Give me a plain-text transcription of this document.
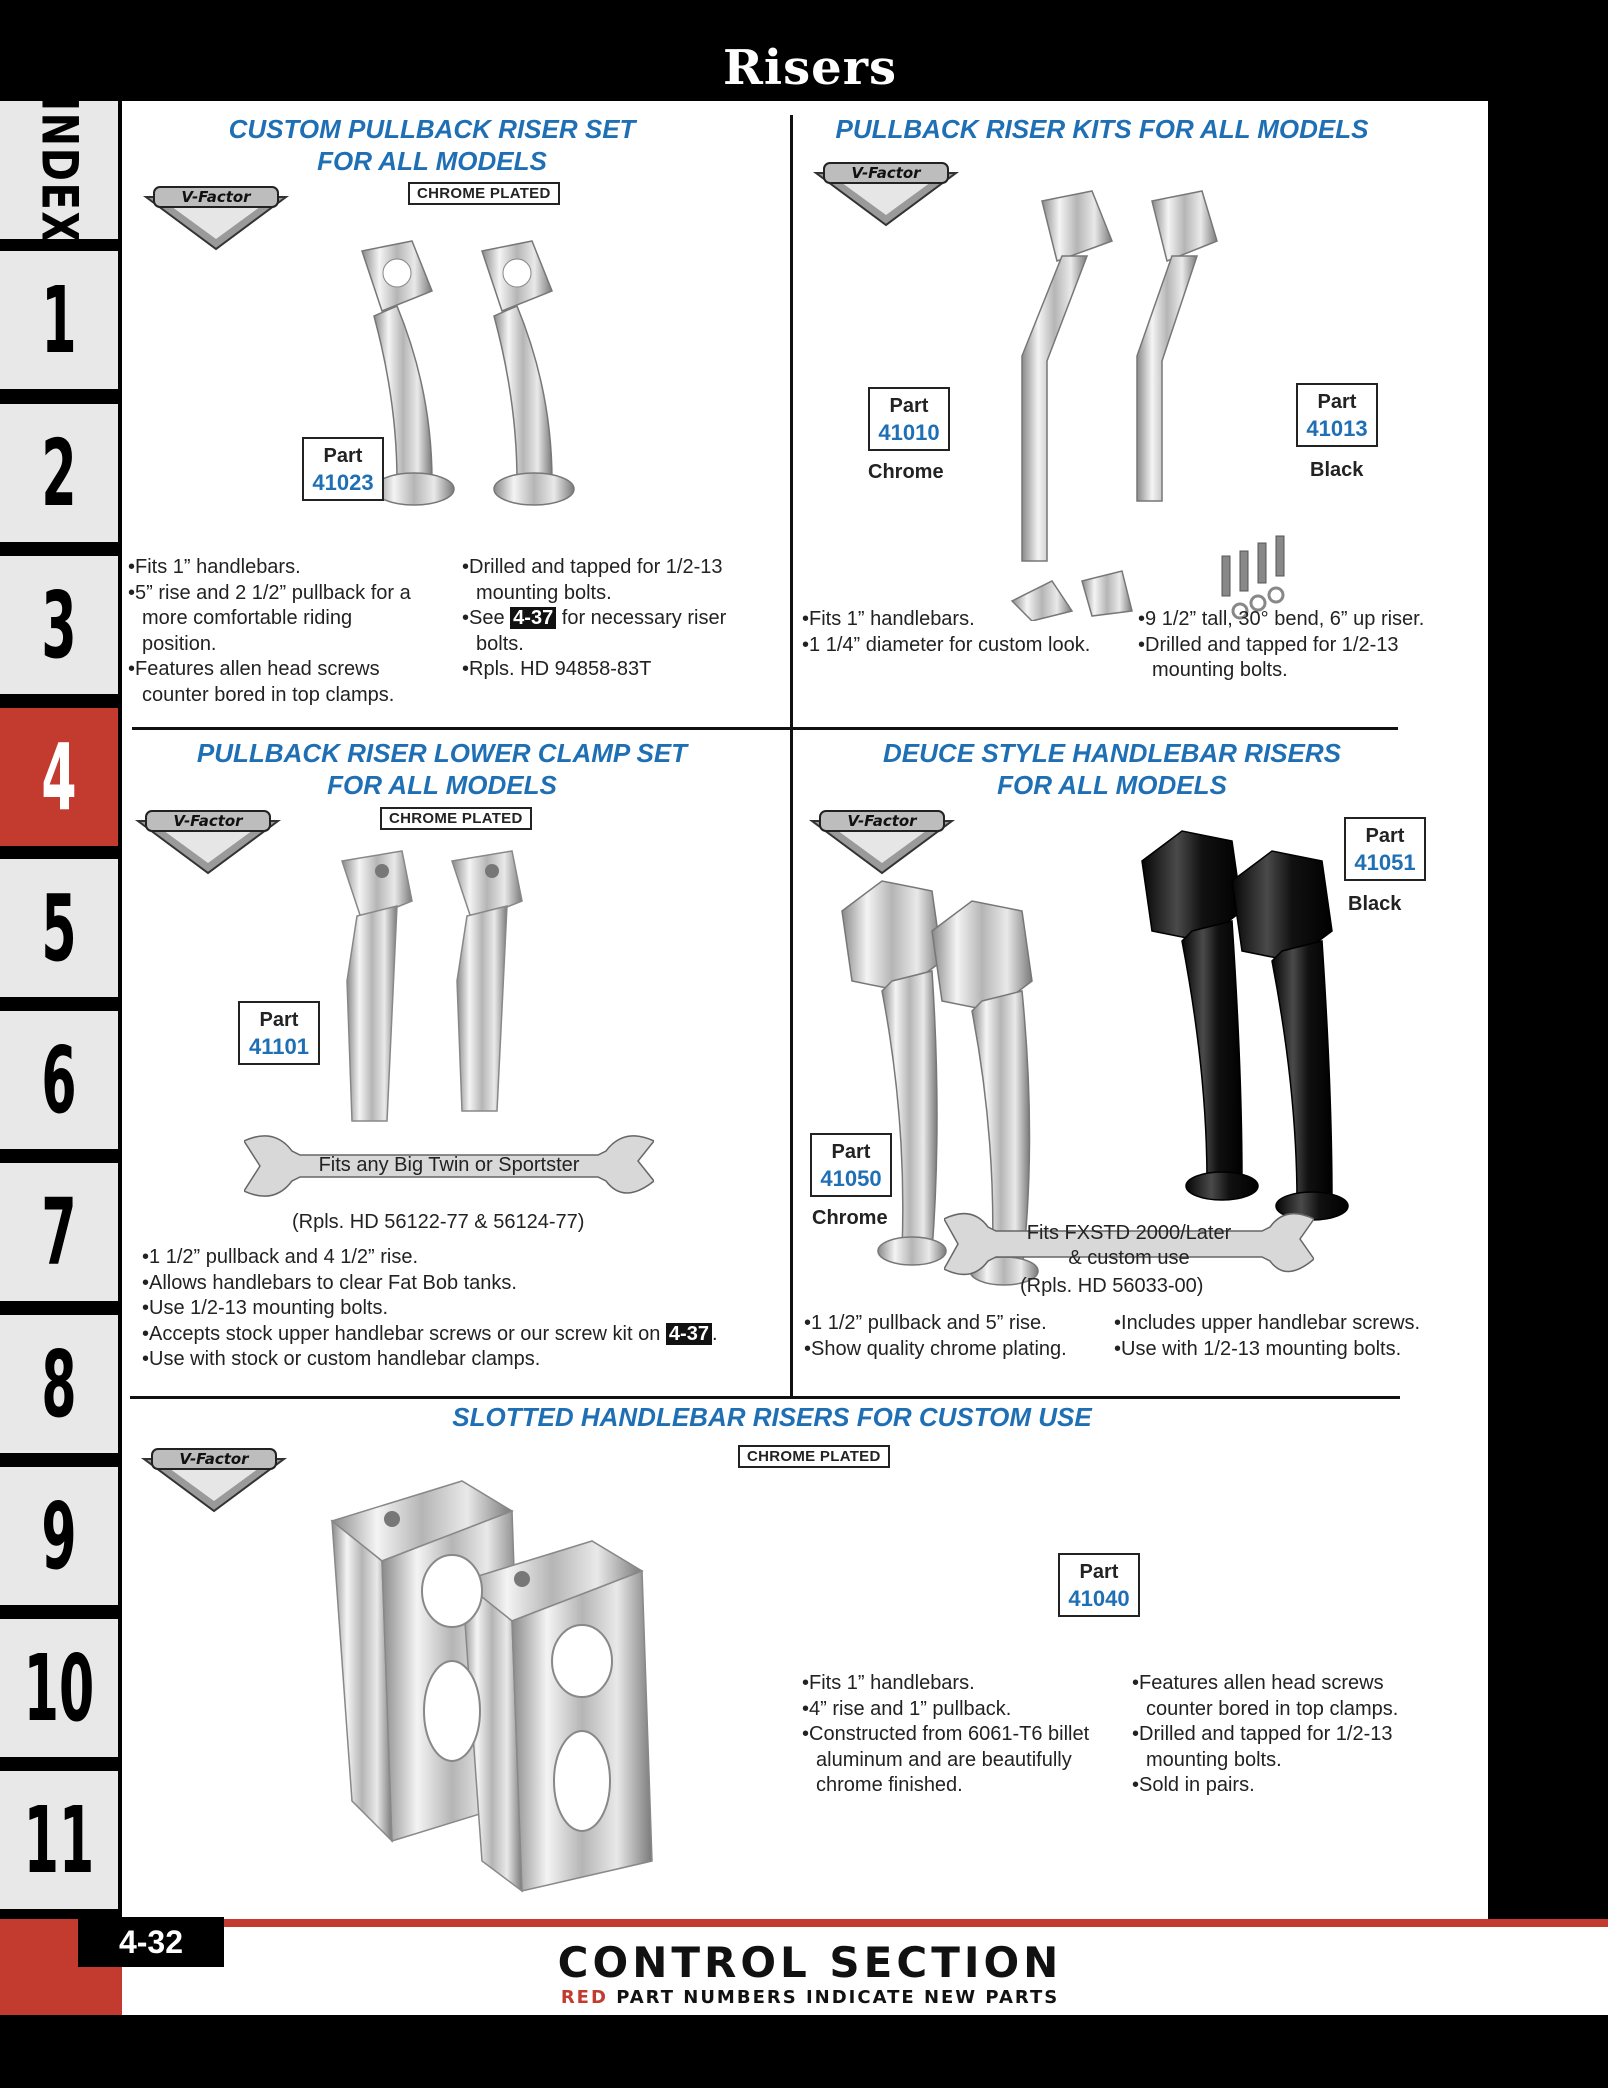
Risers
INDEX
1
2
3
4
5
6
7
8
9
10
11
CUSTOM PULLBACK RISER SET
FOR ALL MODELS
V-Factor	CHROME PLATED
Part
41023
• Fits 1” handlebars.
• 5” rise and 2 1/2” pullback for a more comfortable riding position.
• Features allen head screws counter bored in top clamps.
• Drilled and tapped for 1/2-13 mounting bolts.
• See 4-37 for necessary riser bolts.
• Rpls. HD 94858-83T
PULLBACK RISER KITS FOR ALL MODELS
V-Factor
Part
41010
Chrome
Part
41013
Black
• Fits 1” handlebars.
• 1 1/4” diameter for custom look.
• 9 1/2” tall, 30° bend, 6” up riser.
• Drilled and tapped for 1/2-13 mounting bolts.
PULLBACK RISER LOWER CLAMP SET
FOR ALL MODELS
V-Factor	CHROME PLATED
Part
41101
Fits any Big Twin or Sportster
(Rpls. HD 56122-77 & 56124-77)
• 1 1/2” pullback and 4 1/2” rise.
• Allows handlebars to clear Fat Bob tanks.
• Use 1/2-13 mounting bolts.
• Accepts stock upper handlebar screws or our screw kit on 4-37 .
• Use with stock or custom handlebar clamps.
DEUCE STYLE HANDLEBAR RISERS
FOR ALL MODELS
V-Factor
Part
41050
Chrome
Part
41051
Black
Fits FXSTD 2000/Later
& custom use
(Rpls. HD 56033-00)
• 1 1/2” pullback and 5” rise.
• Show quality chrome plating.
• Includes upper handlebar screws.
• Use with 1/2-13 mounting bolts.
SLOTTED HANDLEBAR RISERS FOR CUSTOM USE
V-Factor	CHROME PLATED
Part
41040
• Fits 1” handlebars.
• 4” rise and 1” pullback.
• Constructed from 6061-T6 billet aluminum and are beautifully chrome finished.
• Features allen head screws counter bored in top clamps.
• Drilled and tapped for 1/2-13 mounting bolts.
• Sold in pairs.
4-32	CONTROL SECTION
RED PART NUMBERS INDICATE NEW PARTS
